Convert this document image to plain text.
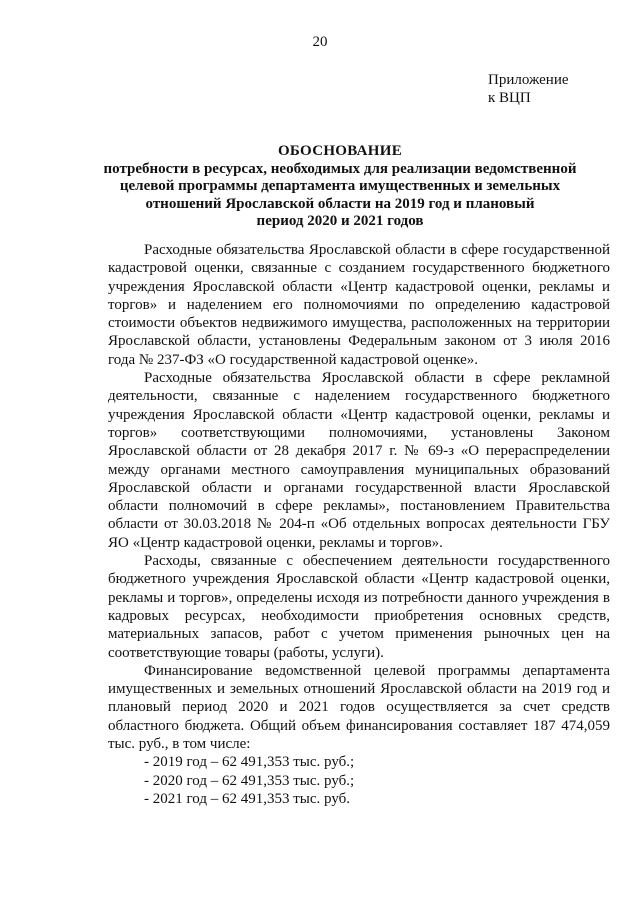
20
Приложение
к ВЦП
ОБОСНОВАНИЕ
потребности в ресурсах, необходимых для реализации ведомственной
целевой программы департамента имущественных и земельных
отношений Ярославской области на 2019 год и плановый
период 2020 и 2021 годов

Расходные обязательства Ярославской области в сфере государственной кадастровой оценки, связанные с созданием государственного бюджетного учреждения Ярославской области «Центр кадастровой оценки, рекламы и торгов» и наделением его полномочиями по определению кадастровой стоимости объектов недвижимого имущества, расположенных на территории Ярославской области, установлены Федеральным законом от 3 июля 2016 года № 237-ФЗ «О государственной кадастровой оценке».

Расходные обязательства Ярославской области в сфере рекламной деятельности, связанные с наделением государственного бюджетного учреждения Ярославской области «Центр кадастровой оценки, рекламы и торгов» соответствующими полномочиями, установлены Законом Ярославской области от 28 декабря 2017 г. № 69-з «О перераспределении между органами местного самоуправления муниципальных образований Ярославской области и органами государственной власти Ярославской области полномочий в сфере рекламы», постановлением Правительства области от 30.03.2018 № 204-п «Об отдельных вопросах деятельности ГБУ ЯО «Центр кадастровой оценки, рекламы и торгов».

Расходы, связанные с обеспечением деятельности государственного бюджетного учреждения Ярославской области «Центр кадастровой оценки, рекламы и торгов», определены исходя из потребности данного учреждения в кадровых ресурсах, необходимости приобретения основных средств, материальных запасов, работ с учетом применения рыночных цен на соответствующие товары (работы, услуги).

Финансирование ведомственной целевой программы департамента имущественных и земельных отношений Ярославской области на 2019 год и плановый период 2020 и 2021 годов осуществляется за счет средств областного бюджета. Общий объем финансирования составляет 187 474,059 тыс. руб., в том числе:

- 2019 год – 62 491,353 тыс. руб.;
- 2020 год – 62 491,353 тыс. руб.;
- 2021 год – 62 491,353 тыс. руб.
